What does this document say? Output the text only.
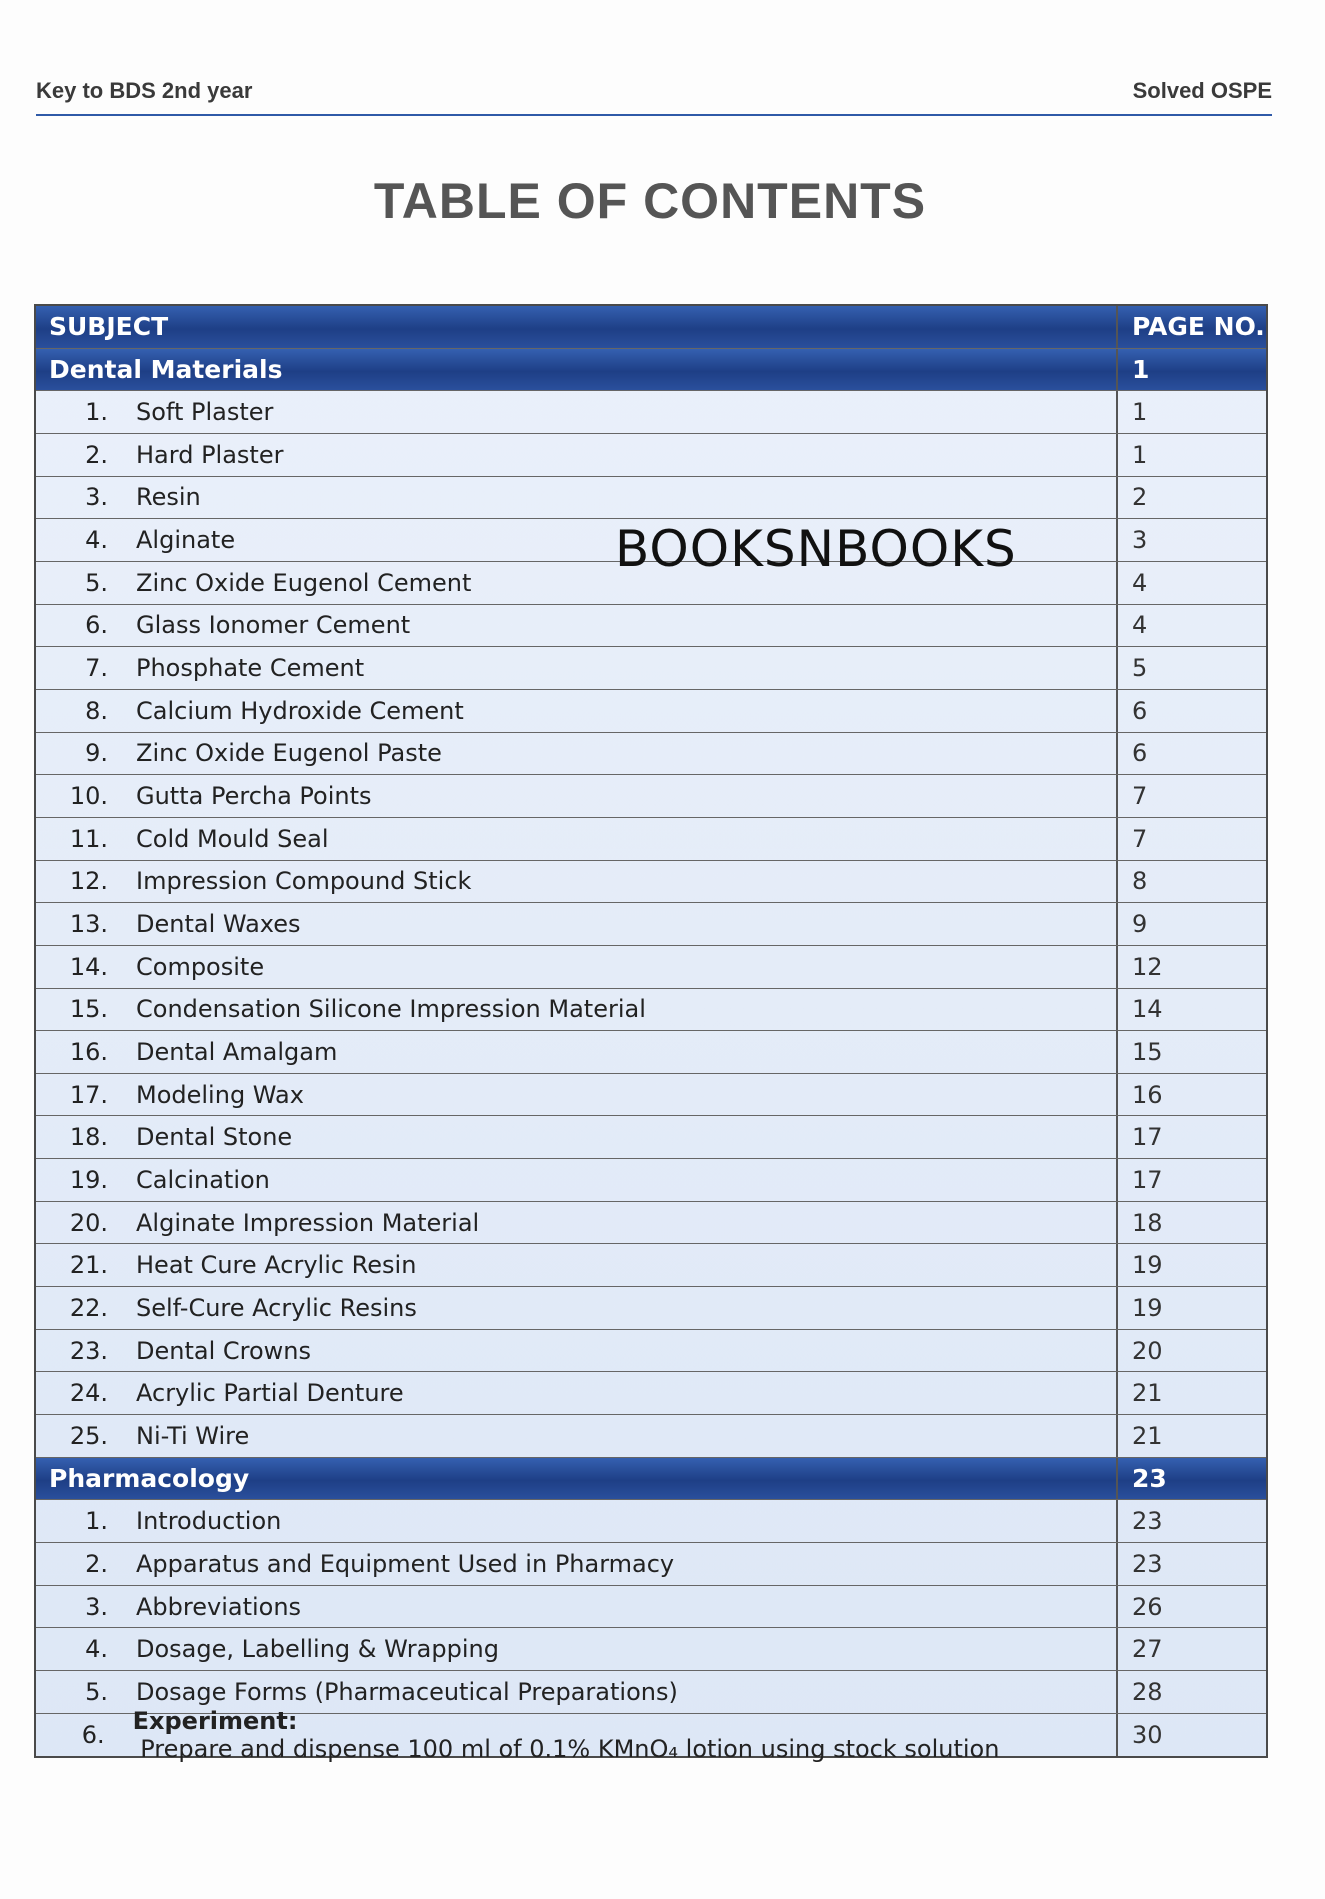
Key to BDS 2nd year	Solved OSPE
TABLE OF CONTENTS
BOOKSNBOOKS
SUBJECT	PAGE NO.
Dental Materials	1
1.	Soft Plaster	1
2.	Hard Plaster	1
3.	Resin	2
4.	Alginate	3
5.	Zinc Oxide Eugenol Cement	4
6.	Glass Ionomer Cement	4
7.	Phosphate Cement	5
8.	Calcium Hydroxide Cement	6
9.	Zinc Oxide Eugenol Paste	6
10.	Gutta Percha Points	7
11.	Cold Mould Seal	7
12.	Impression Compound Stick	8
13.	Dental Waxes	9
14.	Composite	12
15.	Condensation Silicone Impression Material	14
16.	Dental Amalgam	15
17.	Modeling Wax	16
18.	Dental Stone	17
19.	Calcination	17
20.	Alginate Impression Material	18
21.	Heat Cure Acrylic Resin	19
22.	Self-Cure Acrylic Resins	19
23.	Dental Crowns	20
24.	Acrylic Partial Denture	21
25.	Ni-Ti Wire	21
Pharmacology	23
1.	Introduction	23
2.	Apparatus and Equipment Used in Pharmacy	23
3.	Abbreviations	26
4.	Dosage, Labelling & Wrapping	27
5.	Dosage Forms (Pharmaceutical Preparations)	28
6.	Experiment: Prepare and dispense 100 ml of 0.1% KMnO₄ lotion using stock solution	30
